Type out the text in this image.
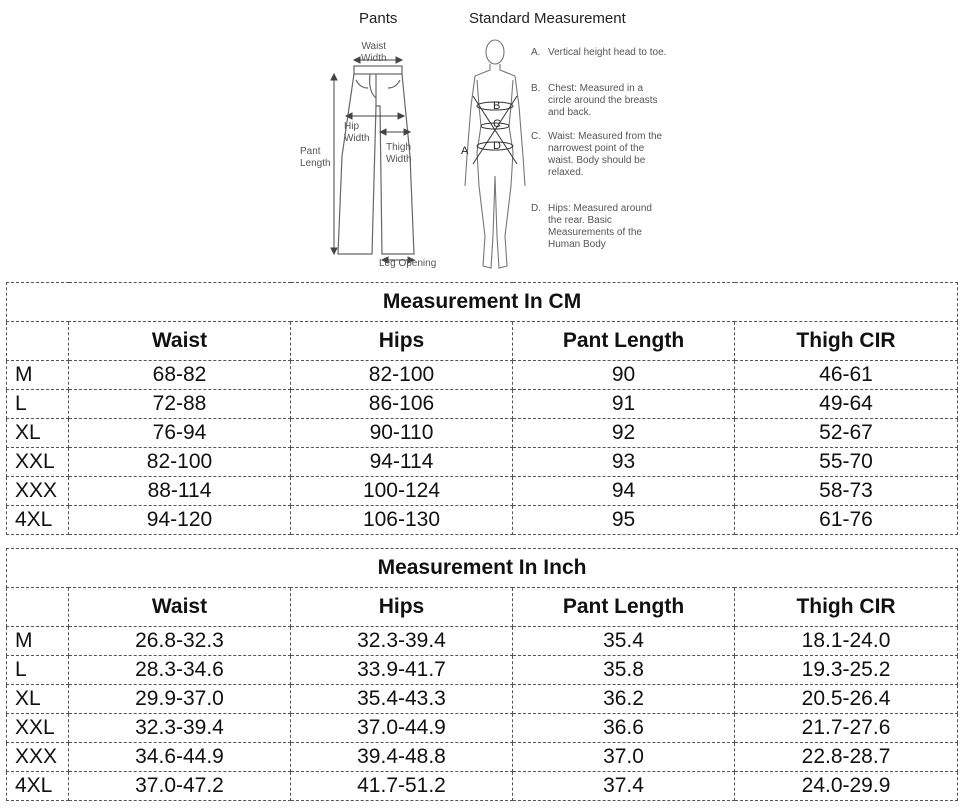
Pants	Standard Measurement
Waist
Width
Hip
Width
Thigh
Width
Pant
Length
Leg Opening
B
C
D
A
A. Vertical height head to toe.
B. Chest: Measured in a circle around the breasts and back.
C. Waist: Measured from the narrowest point of the waist. Body should be relaxed.
D. Hips: Measured around the rear. Basic Measurements of the Human Body
Measurement In CM				
	Waist	Hips	Pant Length	Thigh CIR
M	68-82	82-100	90	46-61
L	72-88	86-106	91	49-64
XL	76-94	90-110	92	52-67
XXL	82-100	94-114	93	55-70
XXX	88-114	100-124	94	58-73
4XL	94-120	106-130	95	61-76
Measurement In Inch				
	Waist	Hips	Pant Length	Thigh CIR
M	26.8-32.3	32.3-39.4	35.4	18.1-24.0
L	28.3-34.6	33.9-41.7	35.8	19.3-25.2
XL	29.9-37.0	35.4-43.3	36.2	20.5-26.4
XXL	32.3-39.4	37.0-44.9	36.6	21.7-27.6
XXX	34.6-44.9	39.4-48.8	37.0	22.8-28.7
4XL	37.0-47.2	41.7-51.2	37.4	24.0-29.9
